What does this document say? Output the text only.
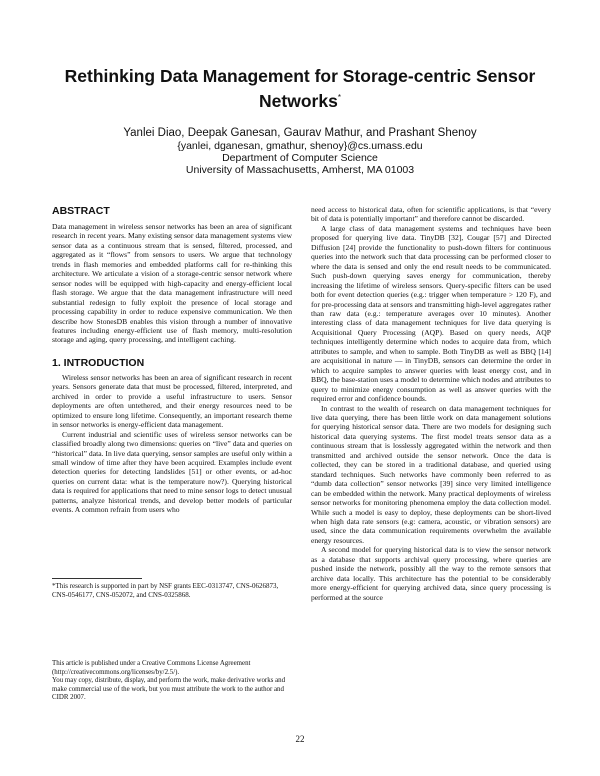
Rethinking Data Management for Storage-centric Sensor Networks*
Yanlei Diao, Deepak Ganesan, Gaurav Mathur, and Prashant Shenoy
{yanlei, dganesan, gmathur, shenoy}@cs.umass.edu
Department of Computer Science
University of Massachusetts, Amherst, MA 01003
ABSTRACT

Data management in wireless sensor networks has been an area of significant research in recent years. Many existing sensor data management systems view sensor data as a continuous stream that is sensed, filtered, processed, and aggregated as it “flows” from sensors to users. We argue that technology trends in flash memories and embedded platforms call for re-thinking this architecture. We articulate a vision of a storage-centric sensor network where sensor nodes will be equipped with high-capacity and energy-efficient local flash storage. We argue that the data management infrastructure will need substantial redesign to fully exploit the presence of local storage and processing capability in order to reduce expensive communication. We then describe how StonesDB enables this vision through a number of innovative features including energy-efficient use of flash memory, multi-resolution storage and aging, query processing, and intelligent caching.

1. INTRODUCTION

Wireless sensor networks has been an area of significant research in recent years. Sensors generate data that must be processed, filtered, interpreted, and archived in order to provide a useful infrastructure to users. Sensor deployments are often untethered, and their energy resources need to be optimized to ensure long lifetime. Consequently, an important research theme in sensor networks is energy-efficient data management.

Current industrial and scientific uses of wireless sensor networks can be classified broadly along two dimensions: queries on “live” data and queries on “historical” data. In live data querying, sensor samples are useful only within a small window of time after they have been acquired. Examples include event detection queries for detecting landslides [51] or other events, or ad-hoc queries on current data: what is the temperature now?). Querying historical data is required for applications that need to mine sensor logs to detect unusual patterns, analyze historical trends, and develop better models of particular events. A common refrain from users who

*This research is supported in part by NSF grants EEC-0313747, CNS-0626873, CNS-0546177, CNS-052072, and CNS-0325868.
This article is published under a Creative Commons License Agreement (http://creativecommons.org/licenses/by/2.5/).
You may copy, distribute, display, and perform the work, make derivative works and make commercial use of the work, but you must attribute the work to the author and CIDR 2007.

need access to historical data, often for scientific applications, is that “every bit of data is potentially important” and therefore cannot be discarded.

A large class of data management systems and techniques have been proposed for querying live data. TinyDB [32], Cougar [57] and Directed Diffusion [24] provide the functionality to push-down filters for continuous queries into the network such that data processing can be performed closer to where the data is sensed and only the end result needs to be communicated. Such push-down querying saves energy for communication, thereby increasing the lifetime of wireless sensors. Query-specific filters can be used both for event detection queries (e.g.: trigger when temperature > 120 F), and for pre-processing data at sensors and transmitting high-level aggregates rather than raw data (e.g.: temperature averages over 10 minutes). Another interesting class of data management techniques for live data querying is Acquisitional Query Processing (AQP). Based on query needs, AQP techniques intelligently determine which nodes to acquire data from, which attributes to sample, and when to sample. Both TinyDB as well as BBQ [14] are acquisitional in nature — in TinyDB, sensors can determine the order in which to acquire samples to answer queries with least energy cost, and in BBQ, the base-station uses a model to determine which nodes and attributes to query to minimize energy consumption as well as answer queries with the required error and confidence bounds.

In contrast to the wealth of research on data management techniques for live data querying, there has been little work on data management solutions for querying historical sensor data. There are two models for designing such historical data querying systems. The first model treats sensor data as a continuous stream that is losslessly aggregated within the network and then transmitted and archived outside the sensor network. Once the data is collected, they can be stored in a traditional database, and queried using standard techniques. Such networks have commonly been referred to as “dumb data collection” sensor networks [39] since very limited intelligence can be embedded within the network. Many practical deployments of wireless sensor networks for monitoring phenomena employ the data collection model. While such a model is easy to deploy, these deployments can be short-lived when high data rate sensors (e.g: camera, acoustic, or vibration sensors) are used, since the data communication requirements overwhelm the available energy resources.

A second model for querying historical data is to view the sensor network as a database that supports archival query processing, where queries are pushed inside the network, possibly all the way to the remote sensors that archive data locally. This architecture has the potential to be considerably more energy-efficient for querying archived data, since query processing is performed at the source

22
